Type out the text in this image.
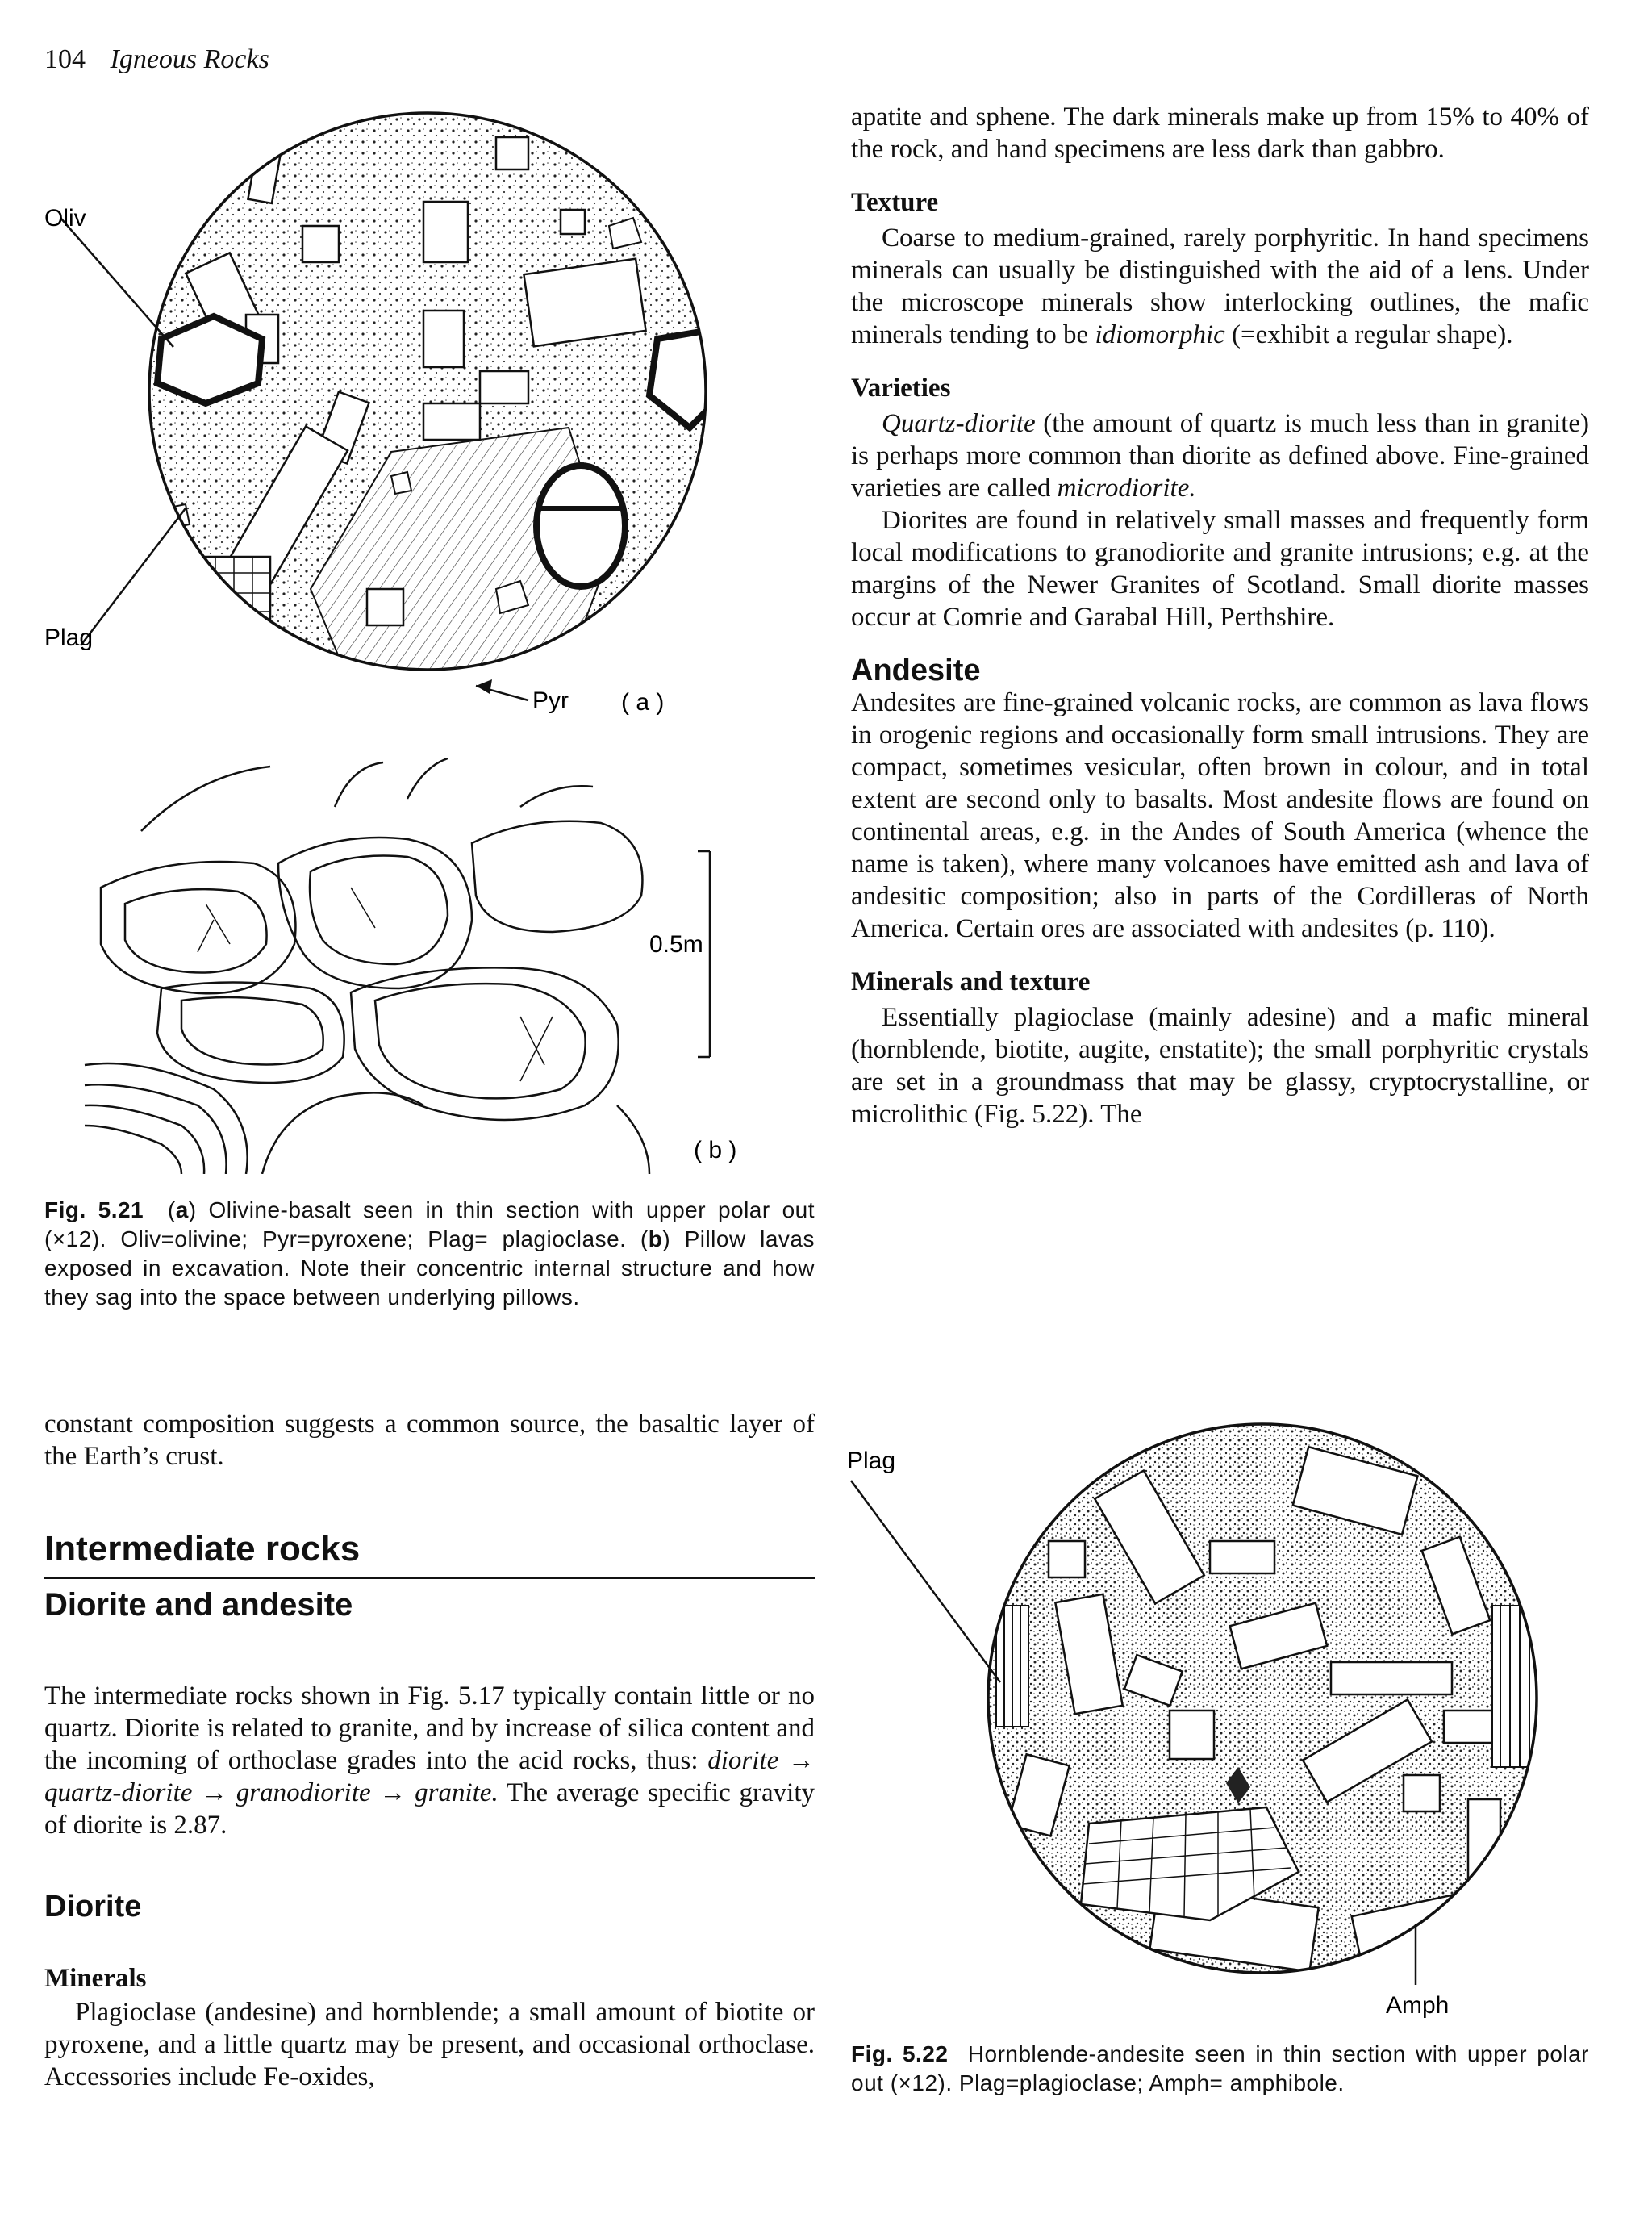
104 Igneous Rocks
Oliv
Plag
Pyr ( a )
0.5m
( b )
Fig. 5.21  (a) Olivine-basalt seen in thin section with upper polar out (×12). Oliv=olivine; Pyr=pyroxene; Plag= plagioclase. (b) Pillow lavas exposed in excavation. Note their concentric internal structure and how they sag into the space between underlying pillows.

constant composition suggests a common source, the basaltic layer of the Earth’s crust.

Intermediate rocks
Diorite and andesite

The intermediate rocks shown in Fig. 5.17 typically contain little or no quartz. Diorite is related to granite, and by increase of silica content and the incoming of orthoclase grades into the acid rocks, thus: diorite → quartz-diorite → granodiorite → granite. The average specific gravity of diorite is 2.87.

Diorite
Minerals

Plagioclase (andesine) and hornblende; a small amount of biotite or pyroxene, and a little quartz may be present, and occasional orthoclase. Accessories include Fe-oxides,

apatite and sphene. The dark minerals make up from 15% to 40% of the rock, and hand specimens are less dark than gabbro.

Texture

Coarse to medium-grained, rarely porphyritic. In hand specimens minerals can usually be distinguished with the aid of a lens. Under the microscope minerals show interlocking outlines, the mafic minerals tending to be idiomorphic (=exhibit a regular shape).

Varieties

Quartz-diorite (the amount of quartz is much less than in granite) is perhaps more common than diorite as defined above. Fine-grained varieties are called microdiorite.

Diorites are found in relatively small masses and frequently form local modifications to granodiorite and granite intrusions; e.g. at the margins of the Newer Granites of Scotland. Small diorite masses occur at Comrie and Garabal Hill, Perthshire.

Andesite

Andesites are fine-grained volcanic rocks, are common as lava flows in orogenic regions and occasionally form small intrusions. They are compact, sometimes vesicular, often brown in colour, and in total extent are second only to basalts. Most andesite flows are found on continental areas, e.g. in the Andes of South America (whence the name is taken), where many volcanoes have emitted ash and lava of andesitic composition; also in parts of the Cordilleras of North America. Certain ores are associated with andesites (p. 110).

Minerals and texture

Essentially plagioclase (mainly adesine) and a mafic mineral (hornblende, biotite, augite, enstatite); the small porphyritic crystals are set in a groundmass that may be glassy, cryptocrystalline, or microlithic (Fig. 5.22). The

Plag
Amph
Fig. 5.22 Hornblende-andesite seen in thin section with upper polar out (×12). Plag=plagioclase; Amph= amphibole.
